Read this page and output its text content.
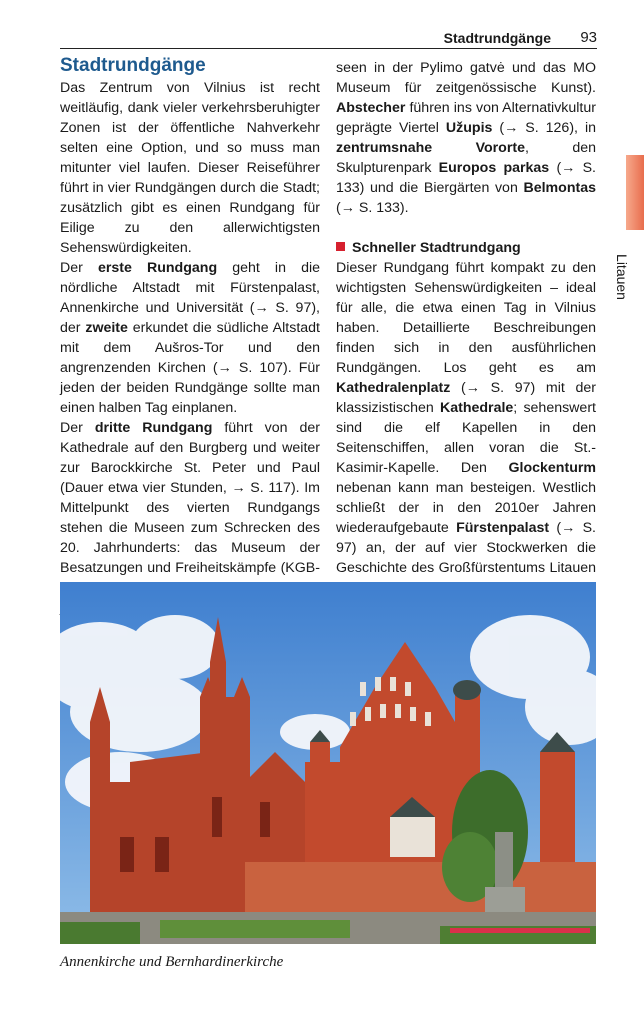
Stadtrundgänge 93
Litauen

Stadtrundgänge

Das Zentrum von Vilnius ist recht weitläufig, dank vieler verkehrsberuhigter Zonen ist der öffentliche Nahverkehr selten eine Option, und so muss man mitunter viel laufen. Dieser Reiseführer führt in vier Rundgängen durch die Stadt; zusätzlich gibt es einen Rundgang für Eilige zu den allerwichtigsten Sehenswürdigkeiten.

Der erste Rundgang geht in die nördliche Altstadt mit Fürstenpalast, Annenkirche und Universität (→ S. 97), der zweite erkundet die südliche Altstadt mit dem Aušros-Tor und den angrenzenden Kirchen (→ S. 107). Für jeden der beiden Rundgänge sollte man einen halben Tag einplanen.

Der dritte Rundgang führt von der Kathedrale auf den Burgberg und weiter zur Barockkirche St. Peter und Paul (Dauer etwa vier Stunden, → S. 117). Im Mittelpunkt des vierten Rundgangs stehen die Museen zum Schrecken des 20. Jahrhunderts: das Museum der Besatzungen und Freiheitskämpfe (KGB-

seen in der Pylimo gatvė und das MO Museum für zeitgenössische Kunst). Abstecher führen ins von Alternativkultur geprägte Viertel Užupis (→ S. 126), in zentrumsnahe Vororte, den Skulpturenpark Europos parkas (→ S. 133) und die Biergärten von Belmontas (→ S. 133).

Schneller Stadtrundgang

Dieser Rundgang führt kompakt zu den wichtigsten Sehenswürdigkeiten – ideal für alle, die etwa einen Tag in Vilnius haben. Detaillierte Beschreibungen finden sich in den ausführlichen Rundgängen. Los geht es am Kathedralenplatz (→ S. 97) mit der klassizistischen Kathedrale; sehenswert sind die elf Kapellen in den Seitenschiffen, allen voran die St.-Kasimir-Kapelle. Den Glockenturm nebenan kann man besteigen. Westlich schließt der in den 2010er Jahren wiederaufgebaute Fürstenpalast (→ S. 97) an, der auf vier Stockwerken die Geschichte des Großfürstentums Litauen

Annenkirche und Bernhardinerkirche
